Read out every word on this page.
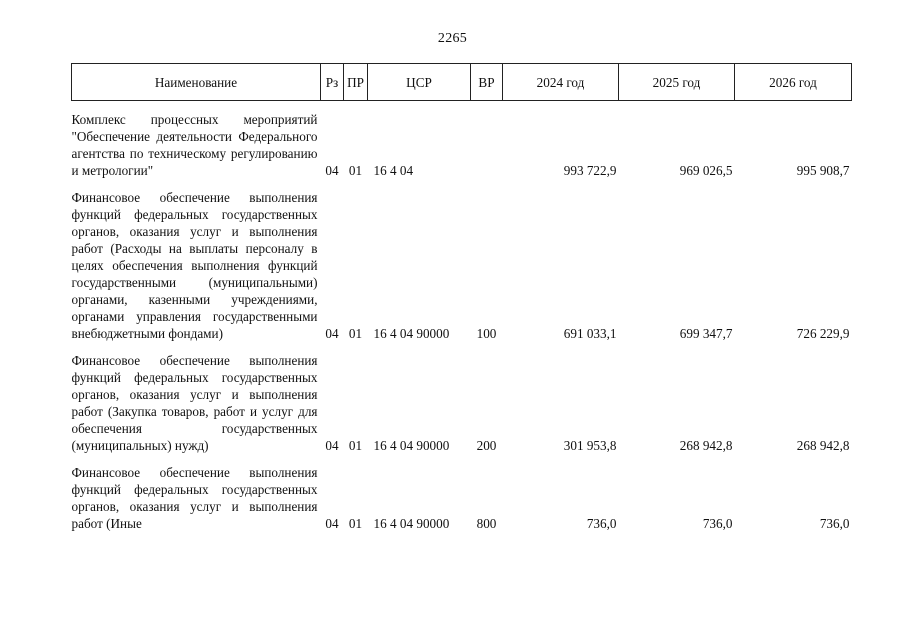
2265
Наименование	Рз	ПР	ЦСР	ВР	2024 год	2025 год	2026 год
Комплекс процессных мероприятий "Обеспечение деятельности Федерального агентства по техническому регулированию и метрологии"	04	01	16 4 04		993 722,9	969 026,5	995 908,7
Финансовое обеспечение выполнения функций федеральных государственных органов, оказания услуг и выполнения работ (Расходы на выплаты персоналу в целях обеспечения выполнения функций государственными (муниципальными) органами, казенными учреждениями, органами управления государственными внебюджетными фондами)	04	01	16 4 04 90000	100	691 033,1	699 347,7	726 229,9
Финансовое обеспечение выполнения функций федеральных государственных органов, оказания услуг и выполнения работ (Закупка товаров, работ и услуг для обеспечения государственных (муниципальных) нужд)	04	01	16 4 04 90000	200	301 953,8	268 942,8	268 942,8
Финансовое обеспечение выполнения функций федеральных государственных органов, оказания услуг и выполнения работ (Иные	04	01	16 4 04 90000	800	736,0	736,0	736,0
